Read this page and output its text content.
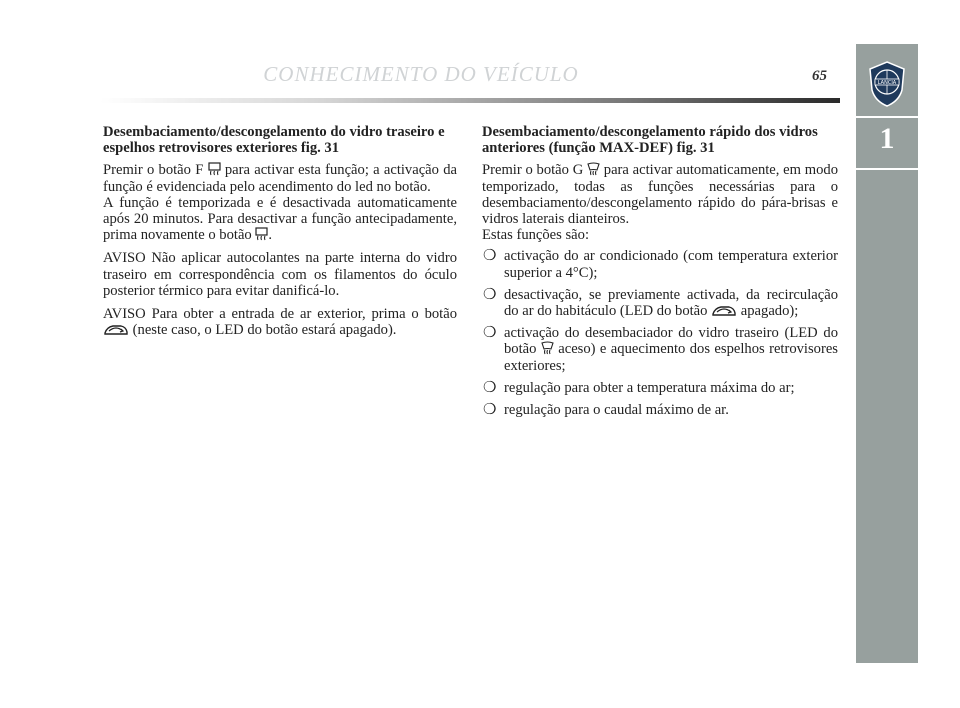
CONHECIMENTO DO VEÍCULO	65	LANCIA
1
Desembaciamento/descongelamento do vidro traseiro e espelhos retrovisores exteriores fig. 31

Premir o botão F para activar esta função; a activação da função é evidenciada pelo acendimento do led no botão.
A função é temporizada e é desactivada automaticamente após 20 minutos. Para desactivar a função antecipadamente, prima novamente o botão .

AVISO Não aplicar autocolantes na parte interna do vidro traseiro em correspondência com os filamentos do óculo posterior térmico para evitar danificá-lo.

AVISO Para obter a entrada de ar exterior, prima o botão  (neste caso, o LED do botão estará apagado).

Desembaciamento/descongelamento rápido dos vidros anteriores (função MAX-DEF) fig. 31

Premir o botão G para activar automaticamente, em modo temporizado, todas as funções necessárias para o desembaciamento/descongelamento rápido do pára-brisas e vidros laterais dianteiros.
Estas funções são:

❍ activação do ar condicionado (com temperatura exterior superior a 4°C);
❍ desactivação, se previamente activada, da recirculação do ar do habitáculo (LED do botão apagado);
❍ activação do desembaciador do vidro traseiro (LED do botão aceso) e aquecimento dos espelhos retrovisores exteriores;
❍ regulação para obter a temperatura máxima do ar;
❍ regulação para o caudal máximo de ar.
